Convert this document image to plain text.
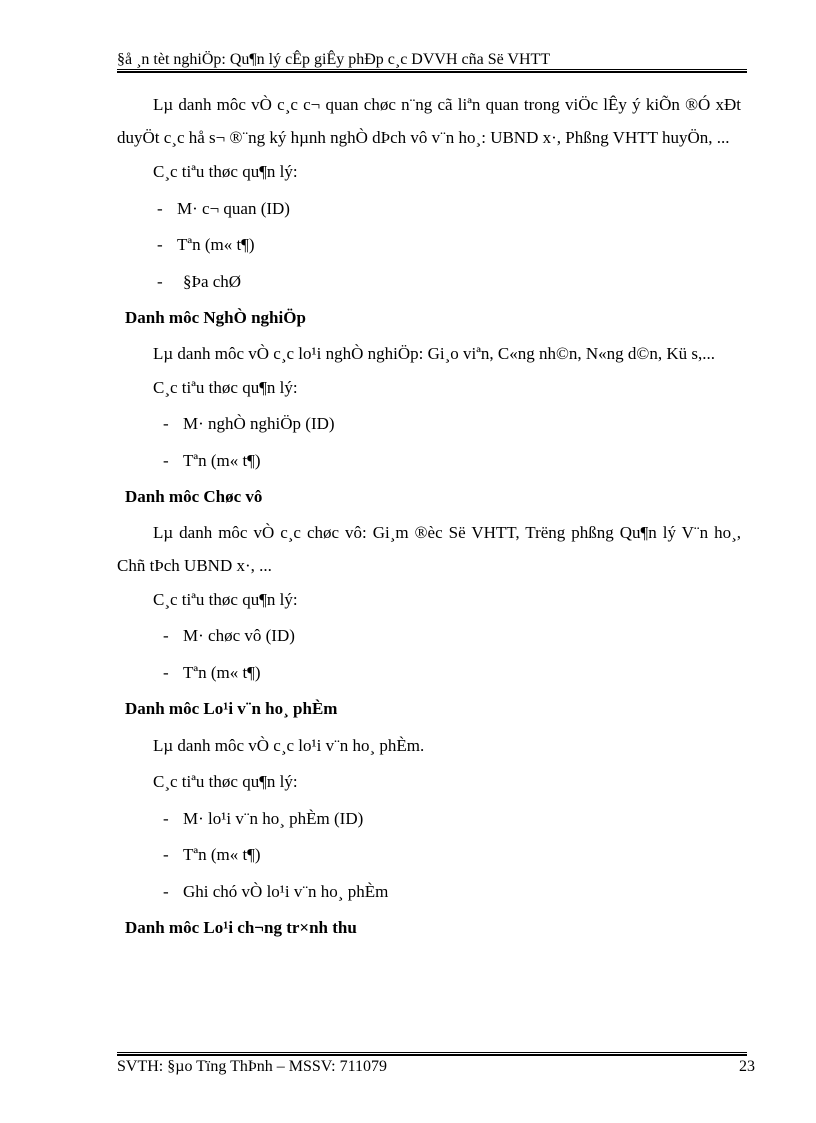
§å ¸n tèt nghiÖp: Qu¶n lý cÊp giÊy phÐp c¸c DVVH cña Së VHTT

Lµ danh môc vÒ c¸c c¬ quan chøc n¨ng cã liªn quan trong viÖc lÊy ý kiÕn ®Ó xÐt duyÖt c¸c hå s¬ ®¨ng ký hµnh nghÒ dÞch vô v¨n ho¸: UBND x·, Phßng VHTT huyÖn, ...

C¸c tiªu thøc qu¶n lý:
- M· c¬ quan (ID)
- Tªn (m« t¶)
- §Þa chØ
Danh môc NghÒ nghiÖp

Lµ danh môc vÒ c¸c lo¹i nghÒ nghiÖp: Gi¸o viªn, C«ng nh©n, N«ng d©n, Kü s,...

C¸c tiªu thøc qu¶n lý:
- M· nghÒ nghiÖp (ID)
- Tªn (m« t¶)
Danh môc Chøc vô

Lµ danh môc vÒ c¸c chøc vô: Gi¸m ®èc Së VHTT, Trëng phßng Qu¶n lý V¨n ho¸, Chñ tÞch UBND x·, ...

C¸c tiªu thøc qu¶n lý:
- M· chøc vô (ID)
- Tªn (m« t¶)
Danh môc Lo¹i v¨n ho¸ phÈm
Lµ danh môc vÒ c¸c lo¹i v¨n ho¸ phÈm.
C¸c tiªu thøc qu¶n lý:
- M· lo¹i v¨n ho¸ phÈm (ID)
- Tªn (m« t¶)
- Ghi chó vÒ lo¹i v¨n ho¸ phÈm
Danh môc Lo¹i ch¬ng tr×nh thu
SVTH: §µo Tïng ThÞnh – MSSV: 711079	23
